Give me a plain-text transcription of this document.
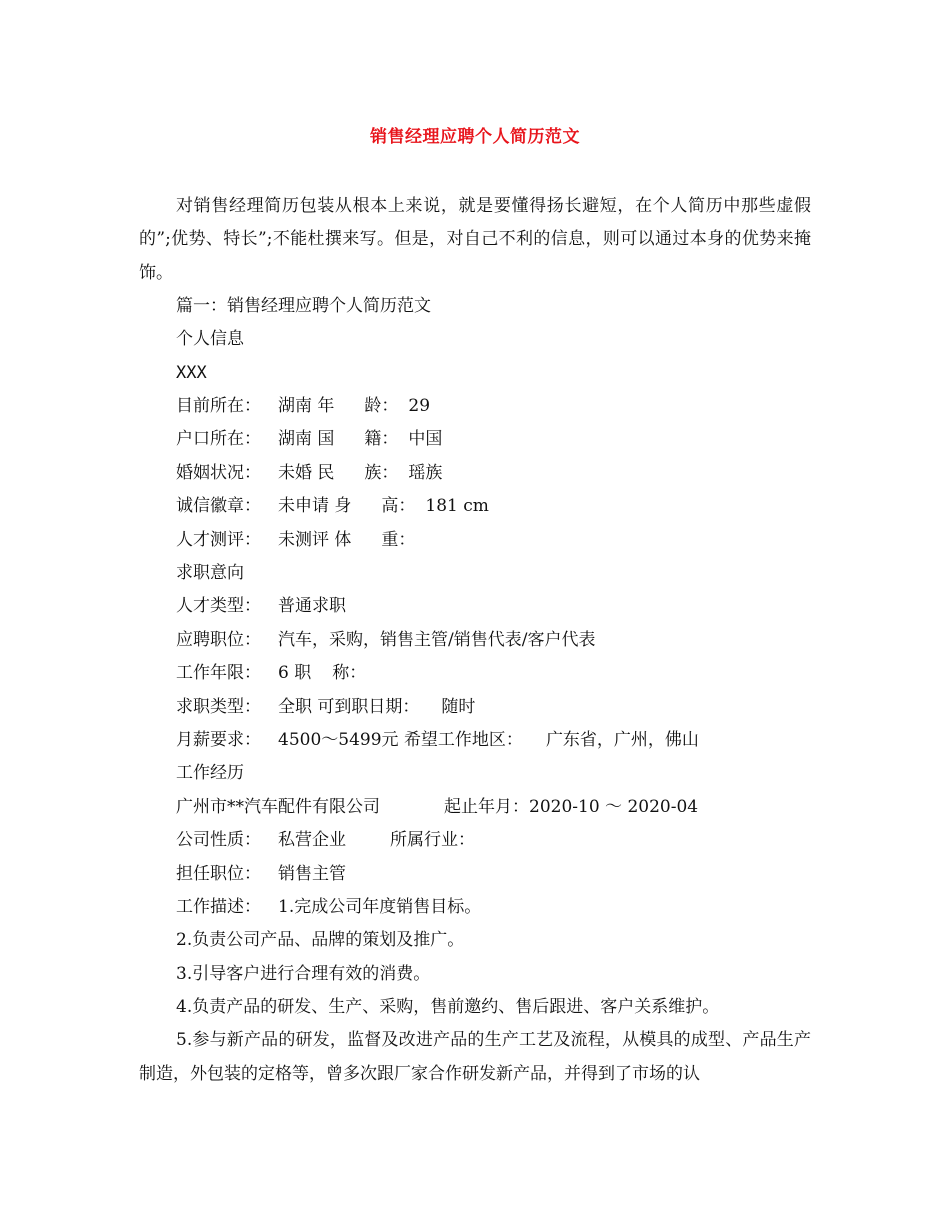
销售经理应聘个人简历范文

对销售经理简历包装从根本上来说，就是要懂得扬长避短，在个人简历中那些虚假的”;优势、特长”;不能杜撰来写。但是，对自己不利的信息，则可以通过本身的优势来掩饰。

篇一：销售经理应聘个人简历范文
个人信息
XXX
目前所在： 湖南 年 龄： 29
户口所在： 湖南 国 籍： 中国
婚姻状况： 未婚 民 族： 瑶族
诚信徽章： 未申请 身 高： 181 cm
人才测评： 未测评 体 重：
求职意向
人才类型： 普通求职
应聘职位： 汽车，采购，销售主管/销售代表/客户代表
工作年限： 6 职 称：
求职类型： 全职 可到职日期： 随时
月薪要求： 4500～5499元 希望工作地区： 广东省，广州，佛山
工作经历
广州市**汽车配件有限公司	起止年月：2020-10 ～ 2020-04
公司性质： 私营企业	所属行业：
担任职位： 销售主管
工作描述： 1.完成公司年度销售目标。
2.负责公司产品、品牌的策划及推广。
3.引导客户进行合理有效的消费。
4.负责产品的研发、生产、采购，售前邀约、售后跟进、客户关系维护。

5.参与新产品的研发，监督及改进产品的生产工艺及流程，从模具的成型、产品生产制造，外包装的定格等，曾多次跟厂家合作研发新产品，并得到了市场的认
